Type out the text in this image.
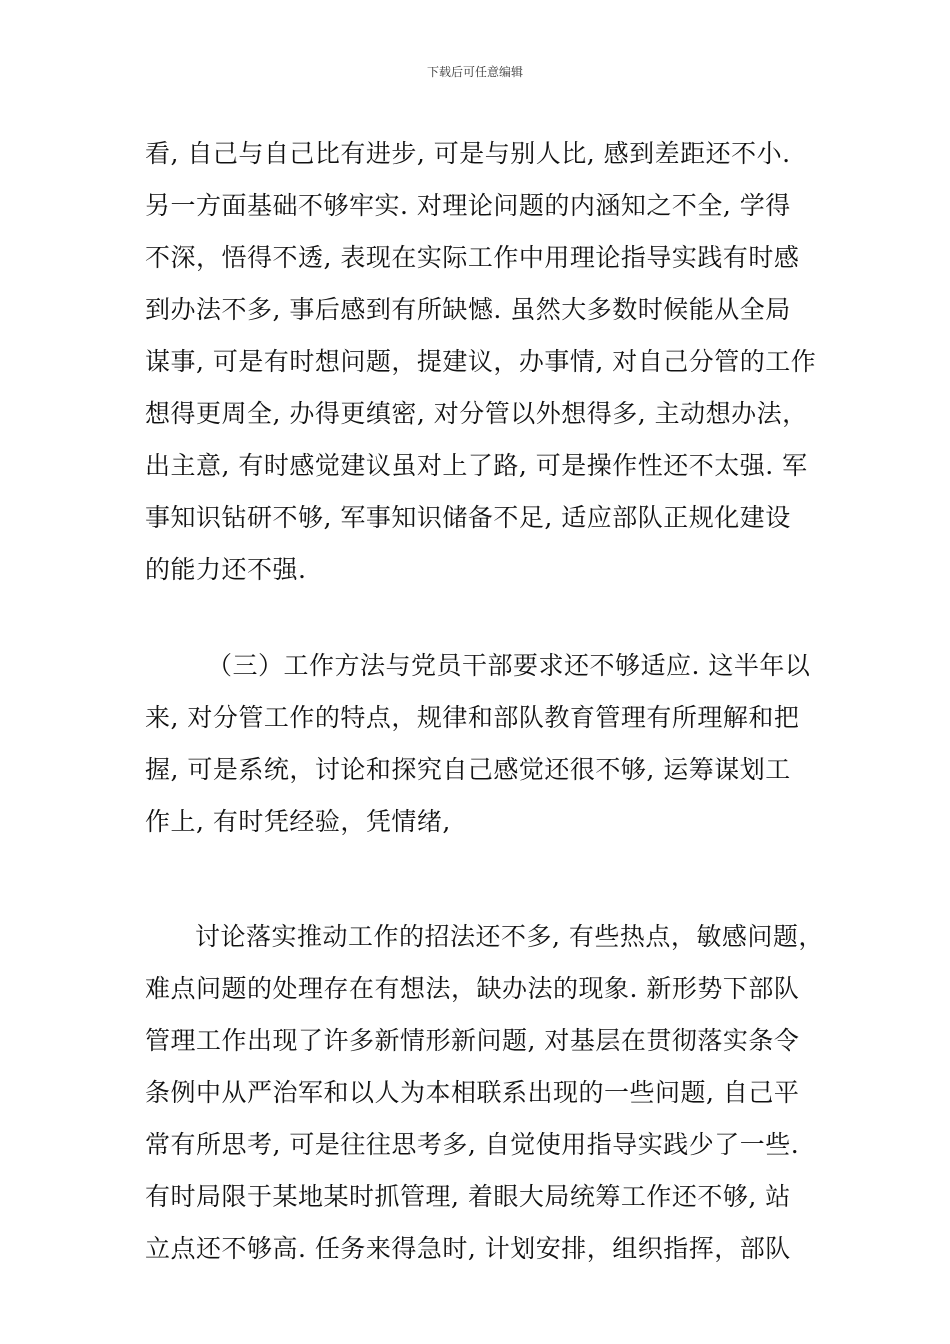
下载后可任意编辑
看, 自己与自己比有进步, 可是与别人比, 感到差距还不小.
另一方面基础不够牢实. 对理论问题的内涵知之不全, 学得
不深，悟得不透, 表现在实际工作中用理论指导实践有时感
到办法不多, 事后感到有所缺憾. 虽然大多数时候能从全局
谋事, 可是有时想问题，提建议，办事情, 对自己分管的工作
想得更周全, 办得更缜密, 对分管以外想得多, 主动想办法，
出主意, 有时感觉建议虽对上了路, 可是操作性还不太强. 军
事知识钻研不够, 军事知识储备不足, 适应部队正规化建设
的能力还不强.
（三）工作方法与党员干部要求还不够适应. 这半年以
来, 对分管工作的特点，规律和部队教育管理有所理解和把
握, 可是系统，讨论和探究自己感觉还很不够, 运筹谋划工
作上, 有时凭经验，凭情绪,
讨论落实推动工作的招法还不多, 有些热点，敏感问题，
难点问题的处理存在有想法，缺办法的现象. 新形势下部队
管理工作出现了许多新情形新问题, 对基层在贯彻落实条令
条例中从严治军和以人为本相联系出现的一些问题, 自己平
常有所思考, 可是往往思考多, 自觉使用指导实践少了一些.
有时局限于某地某时抓管理, 着眼大局统筹工作还不够, 站
立点还不够高. 任务来得急时, 计划安排，组织指挥，部队
